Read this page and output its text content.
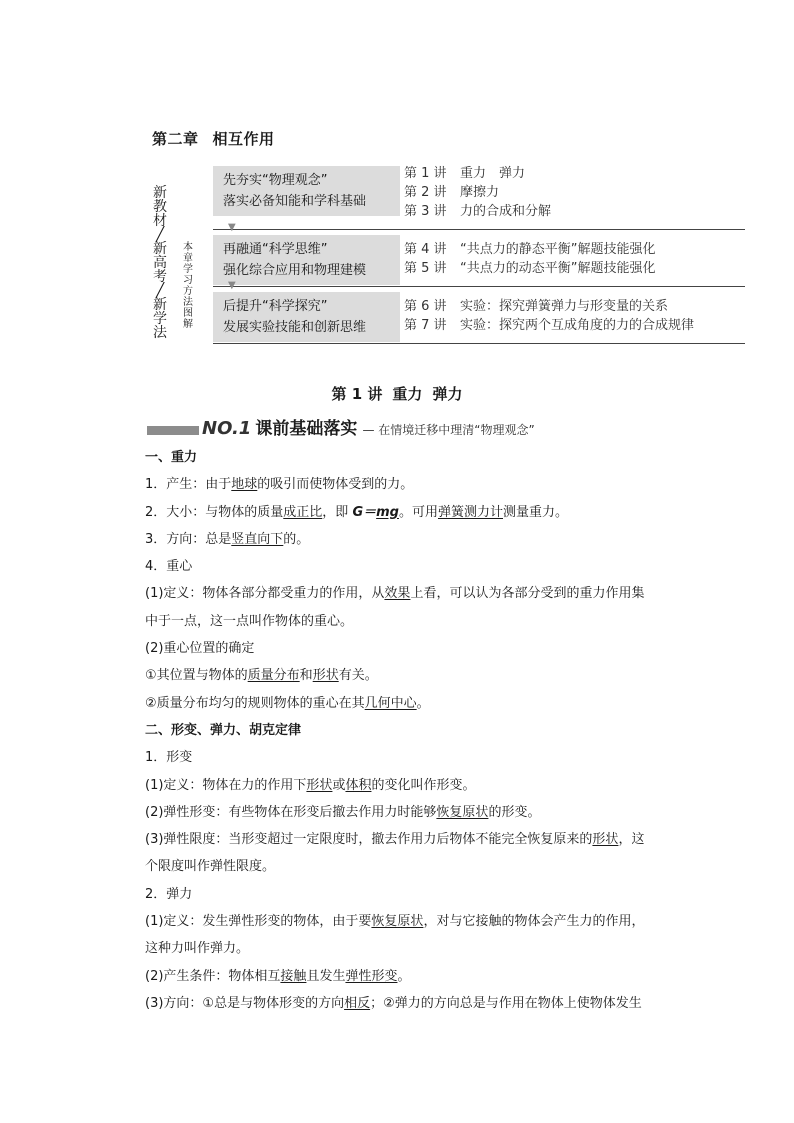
第二章 相互作用
新
教
材
╱
新
高
考
╱
新
学
法
本
章
学
习
方
法
图
解
先夯实“物理观念”
落实必备知能和学科基础
第 1 讲 重力　弹力
第 2 讲 摩擦力
第 3 讲 力的合成和分解
▼
再融通“科学思维”
强化综合应用和物理建模
第 4 讲 “共点力的静态平衡”解题技能强化
第 5 讲 “共点力的动态平衡”解题技能强化
▼
后提升“科学探究”
发展实验技能和创新思维
第 6 讲 实验：探究弹簧弹力与形变量的关系
第 7 讲 实验：探究两个互成角度的力的合成规律
第 1 讲 重力 弹力
NO.1 课前基础落实 — 在情境迁移中理清“物理观念”
一、重力
1．产生：由于地球的吸引而使物体受到的力。
2．大小：与物体的质量成正比，即 G＝mg。可用弹簧测力计测量重力。
3．方向：总是竖直向下的。
4．重心
(1)定义：物体各部分都受重力的作用，从效果上看，可以认为各部分受到的重力作用集
中于一点，这一点叫作物体的重心。
(2)重心位置的确定
①其位置与物体的质量分布和形状有关。
②质量分布均匀的规则物体的重心在其几何中心。
二、形变、弹力、胡克定律
1．形变
(1)定义：物体在力的作用下形状或体积的变化叫作形变。
(2)弹性形变：有些物体在形变后撤去作用力时能够恢复原状的形变。
(3)弹性限度：当形变超过一定限度时，撤去作用力后物体不能完全恢复原来的形状，这
个限度叫作弹性限度。
2．弹力
(1)定义：发生弹性形变的物体，由于要恢复原状，对与它接触的物体会产生力的作用，
这种力叫作弹力。
(2)产生条件：物体相互接触且发生弹性形变。
(3)方向：①总是与物体形变的方向相反；②弹力的方向总是与作用在物体上使物体发生
